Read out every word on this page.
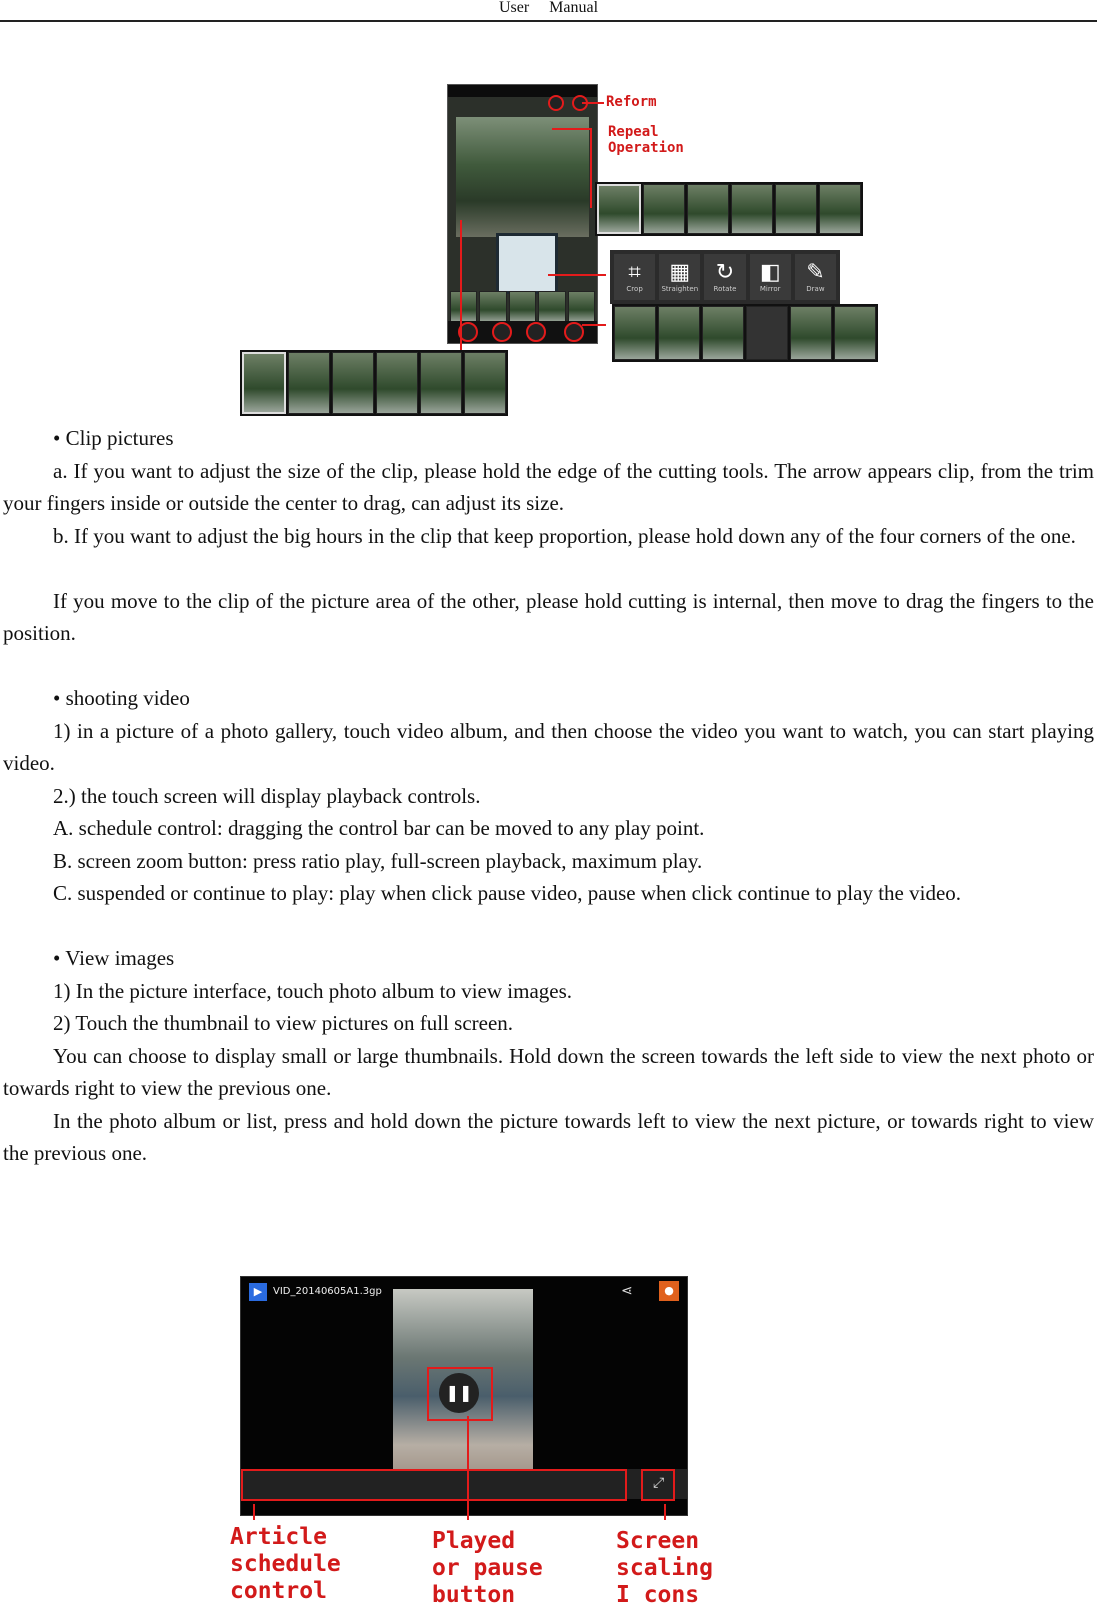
User Manual
Reform
Repeal
Operation
⌗
Crop
▦
Straighten
↻
Rotate
◧
Mirror
✎
Draw

• Clip pictures

a. If you want to adjust the size of the clip, please hold the edge of the cutting tools. The arrow appears clip, from the trim your fingers inside or outside the center to drag, can adjust its size.

b. If you want to adjust the big hours in the clip that keep proportion, please hold down any of the four corners of the one.

If you move to the clip of the picture area of the other, please hold cutting is internal, then move to drag the fingers to the position.

• shooting video

1) in a picture of a photo gallery, touch video album, and then choose the video you want to watch, you can start playing video.

2.) the touch screen will display playback controls.

A. schedule control: dragging the control bar can be moved to any play point.

B. screen zoom button: press ratio play, full-screen playback, maximum play.

C. suspended or continue to play: play when click pause video, pause when click continue to play the video.

• View images

1) In the picture interface, touch photo album to view images.

2) Touch the thumbnail to view pictures on full screen.

You can choose to display small or large thumbnails. Hold down the screen towards the left side to view the next photo or towards right to view the previous one.

In the photo album or list, press and hold down the picture towards left to view the next picture, or towards right to view the previous one.

▶	VID_20140605A1.3gp	⋖	●
❚❚
⤢
Article
schedule
control
Played
or pause
button
Screen
scaling
I cons
